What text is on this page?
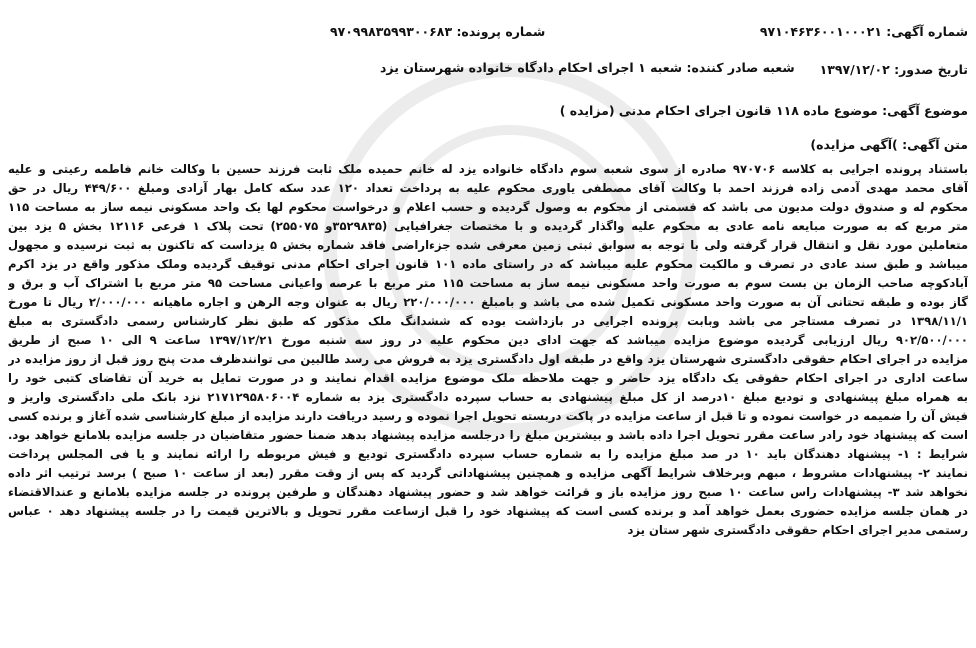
شماره آگهی: ۹۷۱۰۴۶۳۶۰۰۱۰۰۰۲۱
شماره پرونده: ۹۷۰۹۹۸۳۵۹۹۳۰۰۶۸۳
تاریخ صدور: ۱۳۹۷/۱۲/۰۲
شعبه صادر کننده: شعبه ۱ اجرای احکام دادگاه خانواده شهرستان یزد
موضوع آگهی: موضوع ماده ۱۱۸ قانون اجرای احکام مدنی (مزایده )
متن آگهی: )آگهی مزایده)

باستناد پرونده اجرایی به کلاسه ۹۷۰۷۰۶ صادره از سوی شعبه سوم دادگاه خانواده یزد له خانم حمیده ملک ثابت فرزند حسین با وکالت خانم فاطمه رعیتی و علیه

آقای محمد مهدی آدمی زاده فرزند احمد با وکالت آقای مصطفی یاوری محکوم علیه به پرداخت تعداد ۱۲۰ عدد سکه کامل بهار آزادی ومبلغ ۴۴۹/۶۰۰ ریال در حق

محکوم له و صندوق دولت مدیون می باشد که قسمتی از محکوم به وصول گردیده و حسب اعلام و درخواست محکوم لها یک واحد مسکونی نیمه ساز به مساحت ۱۱۵

متر مربع که به صورت مبایعه نامه عادی به محکوم علیه واگذار گردیده و با مختصات جغرافیایی (۳۵۲۹۸۳۵و ۲۵۵۰۷۵) تحت پلاک ۱ فرعی ۱۲۱۱۶ بخش ۵ یزد بین

متعاملین مورد نقل و انتقال قرار گرفته ولی با توجه به سوابق ثبتی زمین معرفی شده جزءاراضی فاقد شماره بخش ۵ یزداست که تاکنون به ثبت نرسیده و مجهول

میباشد و طبق سند عادی در تصرف و مالکیت محکوم علیه میباشد که در راستای ماده ۱۰۱ قانون اجرای احکام مدنی توقیف گردیده وملک مذکور واقع در یزد اکرم

آبادکوچه صاحب الزمان بن بست سوم به صورت واحد مسکونی نیمه ساز به مساحت ۱۱۵ متر مربع با عرصه واعیانی مساحت ۹۵ متر مربع با اشتراک آب و برق و

گاز بوده و طبقه تحتانی آن به صورت واحد مسکونی تکمیل شده می باشد و بامبلغ ۲۲۰/۰۰۰/۰۰۰ ریال به عنوان وجه الرهن و اجاره ماهیانه ۲/۰۰۰/۰۰۰ ریال تا مورخ

۱۳۹۸/۱۱/۱ در تصرف مستاجر می باشد وبابت پرونده اجرایی در بازداشت بوده که ششدانگ ملک مذکور که طبق نظر کارشناس رسمی دادگستری به مبلغ

۹۰۲/۵۰۰/۰۰۰ ریال ارزیابی گردیده موضوع مزایده میباشد که جهت ادای دین محکوم علیه در روز سه شنبه مورخ ۱۳۹۷/۱۲/۲۱ ساعت ۹ الی ۱۰ صبح از طریق

مزایده در اجرای احکام حقوقی دادگستری شهرستان یزد واقع در طبقه اول دادگستری یزد به فروش می رسد طالبین می توانندظرف مدت پنج روز قبل از روز مزایده در

ساعت اداری در اجرای احکام حقوقی یک دادگاه یزد حاضر و جهت ملاحظه ملک موضوع مزایده اقدام نمایند و در صورت تمایل به خرید آن تقاضای کتبی خود را

به همراه مبلغ پیشنهادی و تودیع مبلغ ۱۰درصد از کل مبلغ پیشنهادی به حساب سپرده دادگستری یزد به شماره ۲۱۷۱۲۹۵۸۰۶۰۰۴ نزد بانک ملی دادگستری واریز و

فیش آن را ضمیمه در خواست نموده و تا قبل از ساعت مزایده در پاکت دربسته تحویل اجرا نموده و رسید دریافت دارند مزایده از مبلغ کارشناسی شده آغاز و برنده کسی

است که پیشنهاد خود رادر ساعت مقرر تحویل اجرا داده باشد و بیشترین مبلغ را درجلسه مزایده پیشنهاد بدهد ضمنا حضور متقاضیان در جلسه مزایده بلامانع خواهد بود.

شرایط : ۱- پیشنهاد دهندگان باید ۱۰ در صد مبلغ مزایده را به شماره حساب سپرده دادگستری تودیع و فیش مربوطه را ارائه نمایند و یا فی المجلس پرداخت

نمایند ۲- پیشنهادات مشروط ، مبهم وبرخلاف شرایط آگهی مزایده و همچنین پیشنهاداتی گردید که پس از وقت مقرر (بعد از ساعت ۱۰ صبح ) برسد ترتیب اثر داده

نخواهد شد ۳- پیشنهادات راس ساعت ۱۰ صبح روز مزایده باز و قرائت خواهد شد و حضور پیشنهاد دهندگان و طرفین پرونده در جلسه مزایده بلامانع و عندالاقتضاء

در همان جلسه مزایده حضوری بعمل خواهد آمد و برنده کسی است که پیشنهاد خود را قبل ازساعت مقرر تحویل و بالاترین قیمت را در جلسه پیشنهاد دهد ۰ عباس

رستمی مدیر اجرای احکام حقوقی دادگستری شهر ستان یزد
